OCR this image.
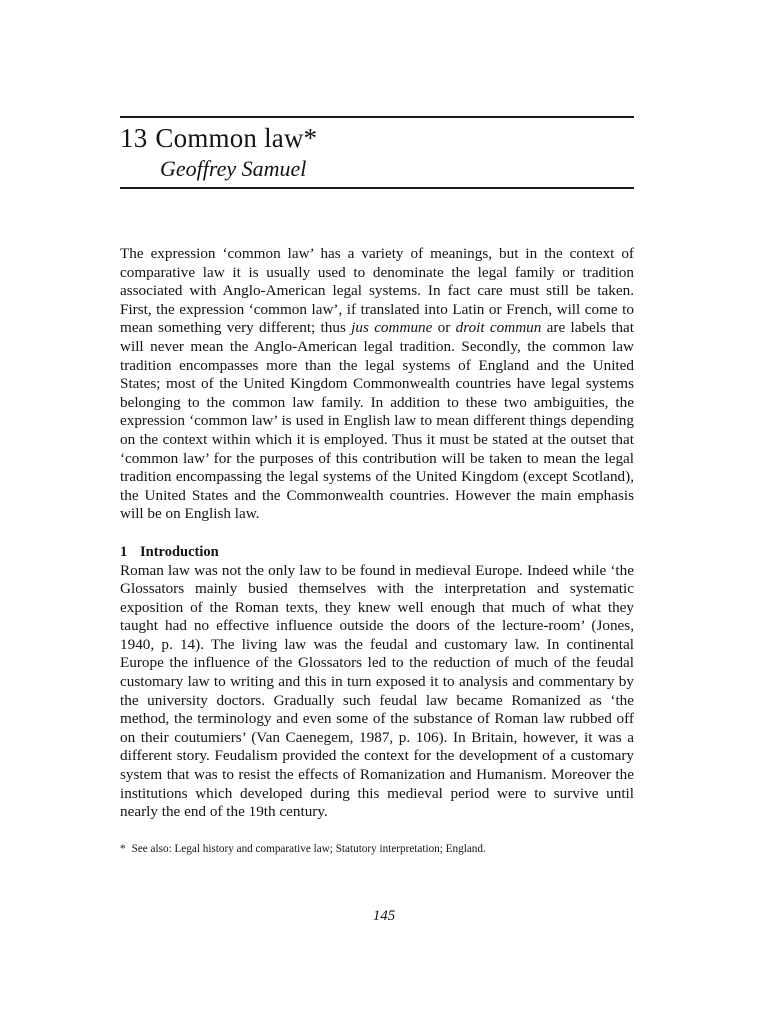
13 Common law*
Geoffrey Samuel

The expression ‘common law’ has a variety of meanings, but in the context of comparative law it is usually used to denominate the legal family or tradition associated with Anglo-American legal systems. In fact care must still be taken. First, the expression ‘common law’, if translated into Latin or French, will come to mean something very different; thus jus commune or droit commun are labels that will never mean the Anglo-American legal tradition. Secondly, the common law tradition encompasses more than the legal systems of England and the United States; most of the United Kingdom Commonwealth countries have legal systems belonging to the common law family. In addition to these two ambiguities, the expression ‘common law’ is used in English law to mean different things depending on the context within which it is employed. Thus it must be stated at the outset that ‘common law’ for the purposes of this contribution will be taken to mean the legal tradition encompassing the legal systems of the United Kingdom (except Scotland), the United States and the Commonwealth countries. However the main emphasis will be on English law.

1 Introduction

Roman law was not the only law to be found in medieval Europe. Indeed while ‘the Glossators mainly busied themselves with the interpretation and systematic exposition of the Roman texts, they knew well enough that much of what they taught had no effective influence outside the doors of the lecture-room’ (Jones, 1940, p. 14). The living law was the feudal and customary law. In continental Europe the influence of the Glossators led to the reduction of much of the feudal customary law to writing and this in turn exposed it to analysis and commentary by the university doctors. Gradually such feudal law became Romanized as ‘the method, the terminology and even some of the substance of Roman law rubbed off on their coutumiers’ (Van Caenegem, 1987, p. 106). In Britain, however, it was a different story. Feudalism provided the context for the development of a customary system that was to resist the effects of Romanization and Humanism. Moreover the institutions which developed during this medieval period were to survive until nearly the end of the 19th century.

* See also: Legal history and comparative law; Statutory interpretation; England.
145
